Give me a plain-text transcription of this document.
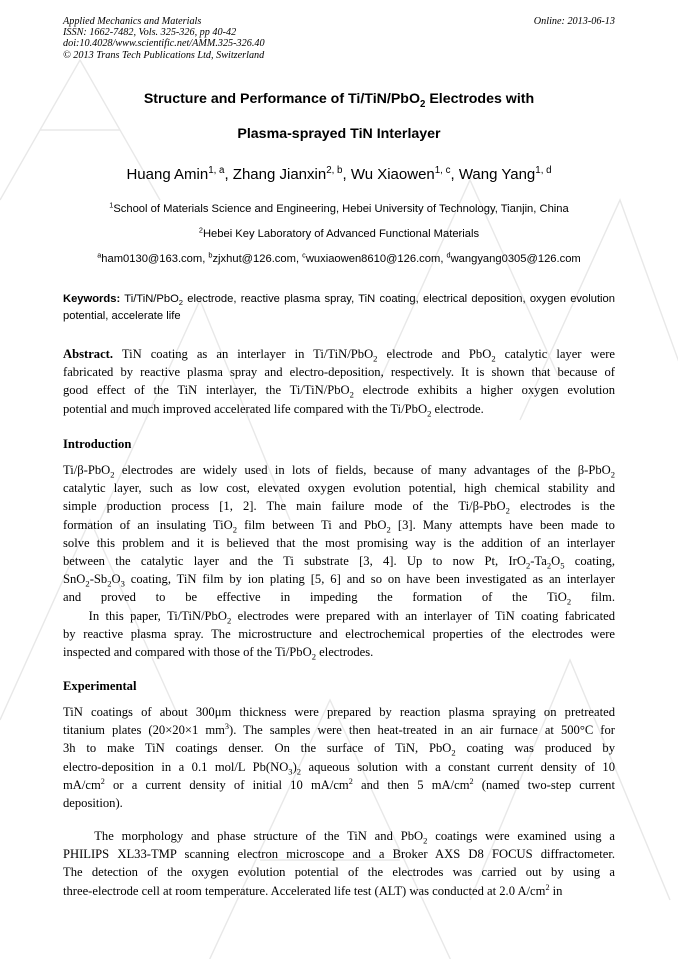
Applied Mechanics and Materials
ISSN: 1662-7482, Vols. 325-326, pp 40-42
doi:10.4028/www.scientific.net/AMM.325-326.40
© 2013 Trans Tech Publications Ltd, Switzerland
Online: 2013-06-13
Structure and Performance of Ti/TiN/PbO$_2$ Electrodes with
Plasma-sprayed TiN Interlayer
Huang Amin$^{1, a}$, Zhang Jianxin$^{2, b}$, Wu Xiaowen$^{1, c}$, Wang Yang$^{1, d}$
$^1$School of Materials Science and Engineering, Hebei University of Technology, Tianjin, China
$^2$Hebei Key Laboratory of Advanced Functional Materials
$^a$ham0130@163.com, $^b$zjxhut@126.com, $^c$wuxiaowen8610@126.com, $^d$wangyang0305@126.com
Keywords: Ti/TiN/PbO$_2$ electrode, reactive plasma spray, TiN coating, electrical deposition, oxygen evolution potential, accelerate life
Abstract. TiN coating as an interlayer in Ti/TiN/PbO$_2$ electrode and PbO$_2$ catalytic layer were
fabricated by reactive plasma spray and electro-deposition, respectively. It is shown that because of
good effect of the TiN interlayer, the Ti/TiN/PbO$_2$ electrode exhibits a higher oxygen evolution
potential and much improved accelerated life compared with the Ti/PbO$_2$ electrode.
Introduction
Ti/β-PbO$_2$ electrodes are widely used in lots of fields, because of many advantages of the β-PbO$_2$
catalytic layer, such as low cost, elevated oxygen evolution potential, high chemical stability and
simple production process [1, 2]. The main failure mode of the Ti/β-PbO$_2$ electrodes is the
formation of an insulating TiO$_2$ film between Ti and PbO$_2$ [3]. Many attempts have been made to
solve this problem and it is believed that the most promising way is the addition of an interlayer
between the catalytic layer and the Ti substrate [3, 4]. Up to now Pt, $IrO_2-Ta_2O_5$ coating,
$SnO_2-Sb_2O_3$ coating, TiN film by ion plating [5, 6] and so on have been investigated as an interlayer
and proved to be effective in impeding the formation of the TiO$_2$ film.
In this paper, Ti/TiN/PbO$_2$ electrodes were prepared with an interlayer of TiN coating fabricated
by reactive plasma spray. The microstructure and electrochemical properties of the electrodes were
inspected and compared with those of the Ti/PbO$_2$ electrodes.
Experimental
TiN coatings of about 300μm thickness were prepared by reaction plasma spraying on pretreated
titanium plates (20×20×1 $mm^3$). The samples were then heat-treated in an air furnace at 500°C for
3h to make TiN coatings denser. On the surface of TiN, PbO$_2$ coating was produced by
electro-deposition in a 0.1 mol/L $Pb(NO_3)_2$ aqueous solution with a constant current density of 10
$mA/cm^2$ or a current density of initial 10 $mA/cm^2$ and then 5 $mA/cm^2$ (named two-step current
deposition).
The morphology and phase structure of the TiN and PbO$_2$ coatings were examined using a
PHILIPS XL33-TMP scanning electron microscope and a Broker AXS D8 FOCUS diffractometer.
The detection of the oxygen evolution potential of the electrodes was carried out by using a
three-electrode cell at room temperature. Accelerated life test (ALT) was conducted at 2.0 $A/cm^2$ in
